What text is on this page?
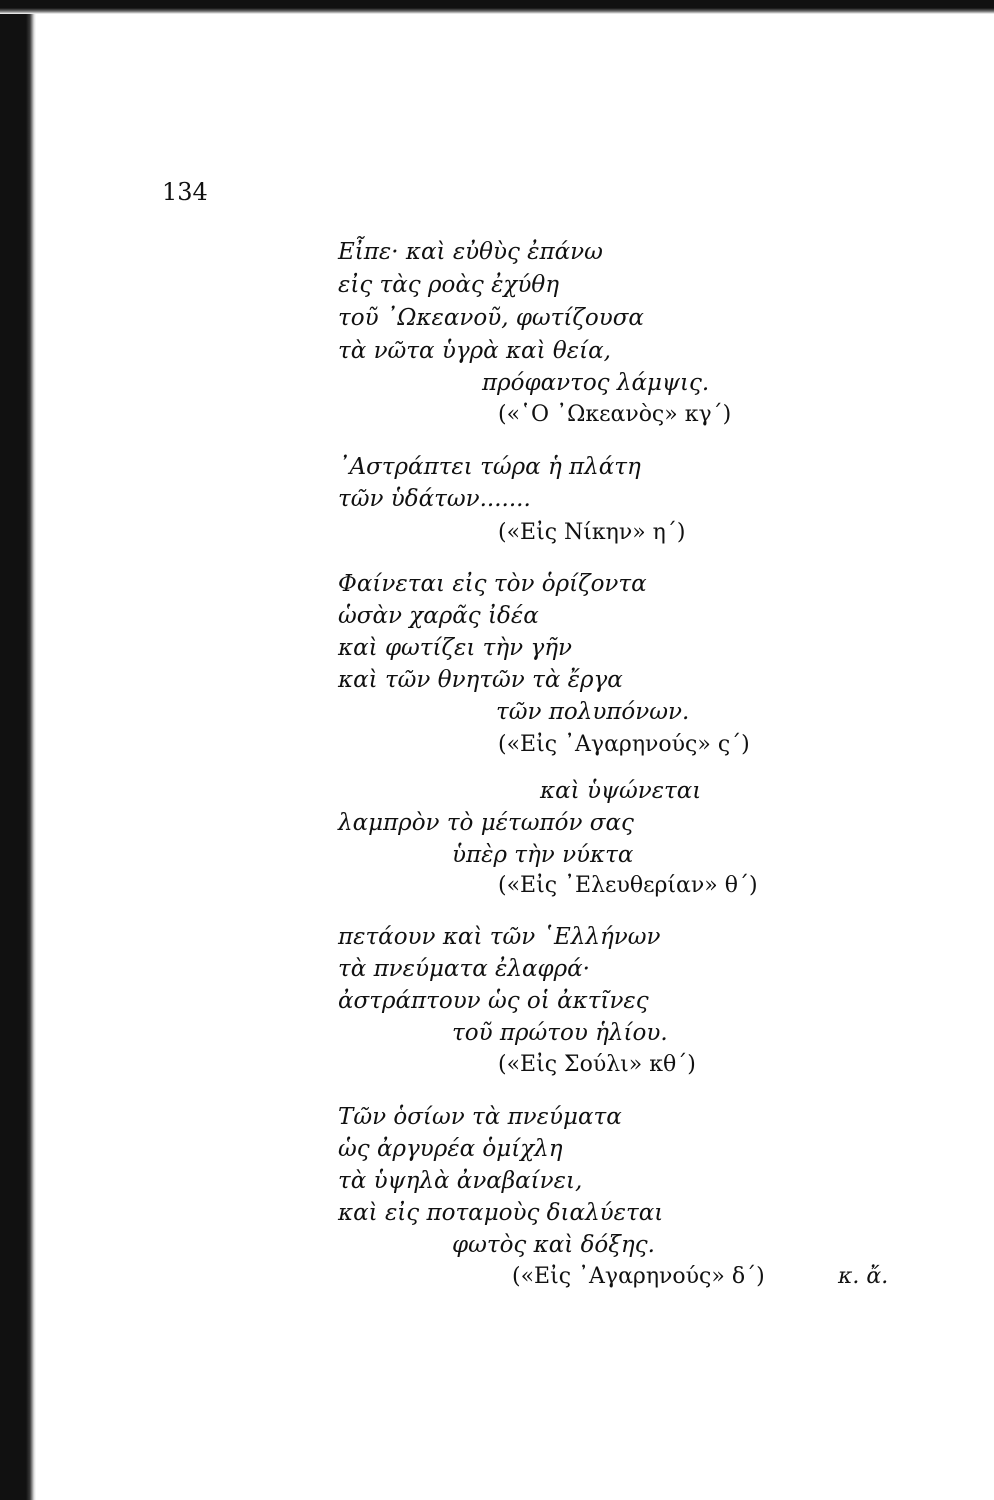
134
Εἶπε· καὶ εὐθὺς ἐπάνω
εἰς τὰς ροὰς ἐχύθη
τοῦ ᾽Ωκεανοῦ, φωτίζουσα
τὰ νῶτα ὑγρὰ καὶ θεία,
πρόφαντος λάμψις.
(«῾Ο ᾽Ωκεανὸς» κγ΄)
᾽Αστράπτει τώρα ἡ πλάτη
τῶν ὑδάτων.......
(«Εἰς Νίκην» η΄)
Φαίνεται εἰς τὸν ὁρίζοντα
ὡσὰν χαρᾶς ἰδέα
καὶ φωτίζει τὴν γῆν
καὶ τῶν θνητῶν τὰ ἔργα
τῶν πολυπόνων.
(«Εἰς ᾽Αγαρηνούς» ς΄)
καὶ ὑψώνεται
λαμπρὸν τὸ μέτωπόν σας
ὑπὲρ τὴν νύκτα
(«Εἰς ᾽Ελευθερίαν» θ΄)
πετάουν καὶ τῶν ῾Ελλήνων
τὰ πνεύματα ἐλαφρά·
ἀστράπτουν ὡς οἱ ἀκτῖνες
τοῦ πρώτου ἡλίου.
(«Εἰς Σούλι» κθ΄)
Τῶν ὁσίων τὰ πνεύματα
ὡς ἀργυρέα ὁμίχλη
τὰ ὑψηλὰ ἀναβαίνει,
καὶ εἰς ποταμοὺς διαλύεται
φωτὸς καὶ δόξης.
(«Εἰς ᾽Αγαρηνούς» δ΄)	κ. ἄ.
